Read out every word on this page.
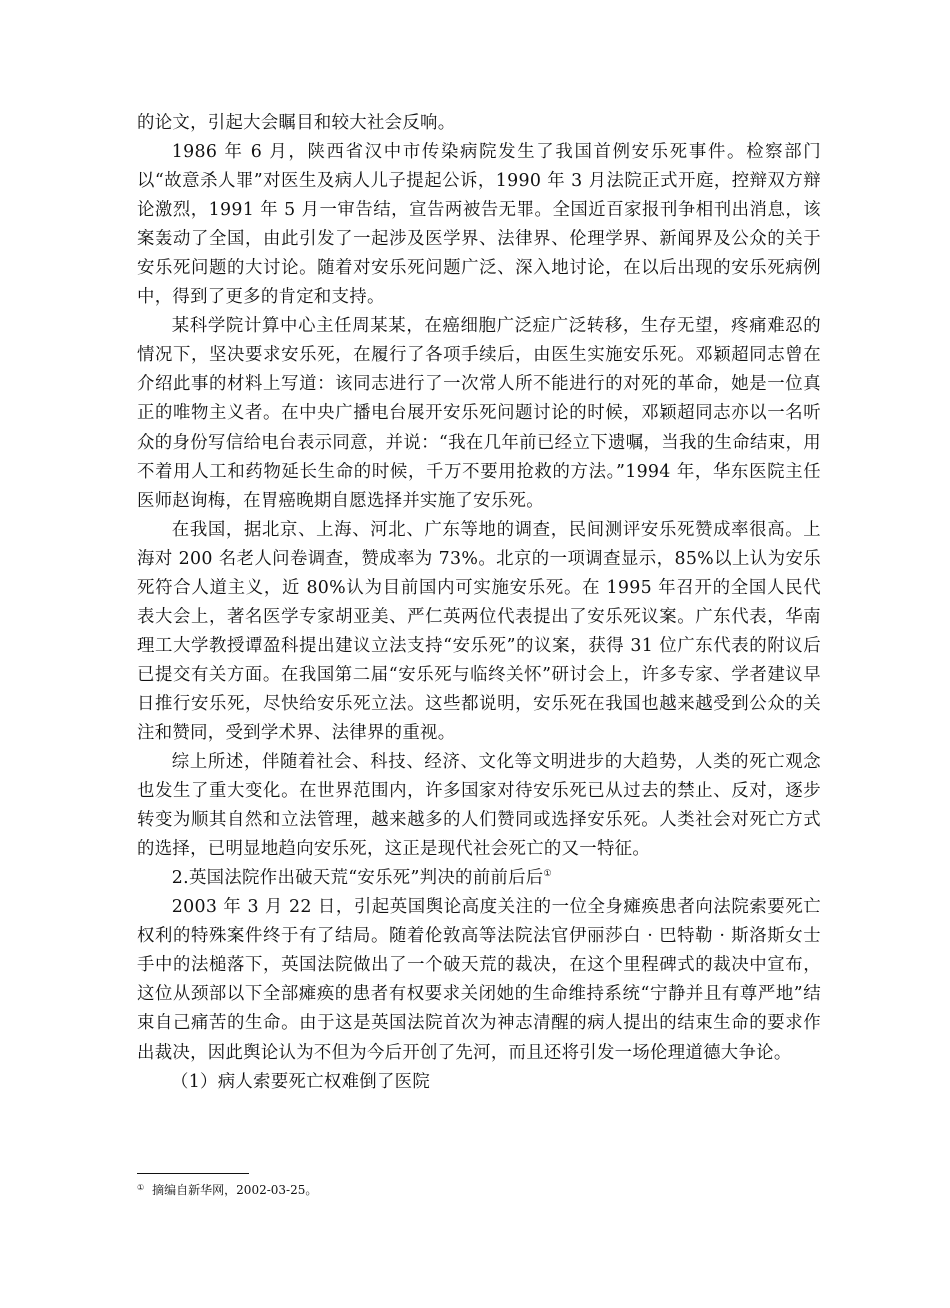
的论文，引起大会瞩目和较大社会反响。

1986 年 6 月，陕西省汉中市传染病院发生了我国首例安乐死事件。检察部门以“故意杀人罪”对医生及病人儿子提起公诉，1990 年 3 月法院正式开庭，控辩双方辩论激烈，1991 年 5 月一审告结，宣告两被告无罪。全国近百家报刊争相刊出消息，该案轰动了全国，由此引发了一起涉及医学界、法律界、伦理学界、新闻界及公众的关于安乐死问题的大讨论。随着对安乐死问题广泛、深入地讨论，在以后出现的安乐死病例中，得到了更多的肯定和支持。

某科学院计算中心主任周某某，在癌细胞广泛症广泛转移，生存无望，疼痛难忍的情况下，坚决要求安乐死，在履行了各项手续后，由医生实施安乐死。邓颖超同志曾在介绍此事的材料上写道：该同志进行了一次常人所不能进行的对死的革命，她是一位真正的唯物主义者。在中央广播电台展开安乐死问题讨论的时候，邓颖超同志亦以一名听众的身份写信给电台表示同意，并说：“我在几年前已经立下遗嘱，当我的生命结束，用不着用人工和药物延长生命的时候，千万不要用抢救的方法。”1994 年，华东医院主任医师赵询梅，在胃癌晚期自愿选择并实施了安乐死。

在我国，据北京、上海、河北、广东等地的调查，民间测评安乐死赞成率很高。上海对 200 名老人问卷调查，赞成率为 73%。北京的一项调查显示，85%以上认为安乐死符合人道主义，近 80%认为目前国内可实施安乐死。在 1995 年召开的全国人民代表大会上，著名医学专家胡亚美、严仁英两位代表提出了安乐死议案。广东代表，华南理工大学教授谭盈科提出建议立法支持“安乐死”的议案，获得 31 位广东代表的附议后已提交有关方面。在我国第二届“安乐死与临终关怀”研讨会上，许多专家、学者建议早日推行安乐死，尽快给安乐死立法。这些都说明，安乐死在我国也越来越受到公众的关注和赞同，受到学术界、法律界的重视。

综上所述，伴随着社会、科技、经济、文化等文明进步的大趋势，人类的死亡观念也发生了重大变化。在世界范围内，许多国家对待安乐死已从过去的禁止、反对，逐步转变为顺其自然和立法管理，越来越多的人们赞同或选择安乐死。人类社会对死亡方式的选择，已明显地趋向安乐死，这正是现代社会死亡的又一特征。

2.英国法院作出破天荒“安乐死”判决的前前后后①

2003 年 3 月 22 日，引起英国舆论高度关注的一位全身瘫痪患者向法院索要死亡权利的特殊案件终于有了结局。随着伦敦高等法院法官伊丽莎白 · 巴特勒 · 斯洛斯女士手中的法槌落下，英国法院做出了一个破天荒的裁决，在这个里程碑式的裁决中宣布，这位从颈部以下全部瘫痪的患者有权要求关闭她的生命维持系统“宁静并且有尊严地”结束自己痛苦的生命。由于这是英国法院首次为神志清醒的病人提出的结束生命的要求作出裁决，因此舆论认为不但为今后开创了先河，而且还将引发一场伦理道德大争论。

（1）病人索要死亡权难倒了医院

① 摘编自新华网，2002-03-25。
